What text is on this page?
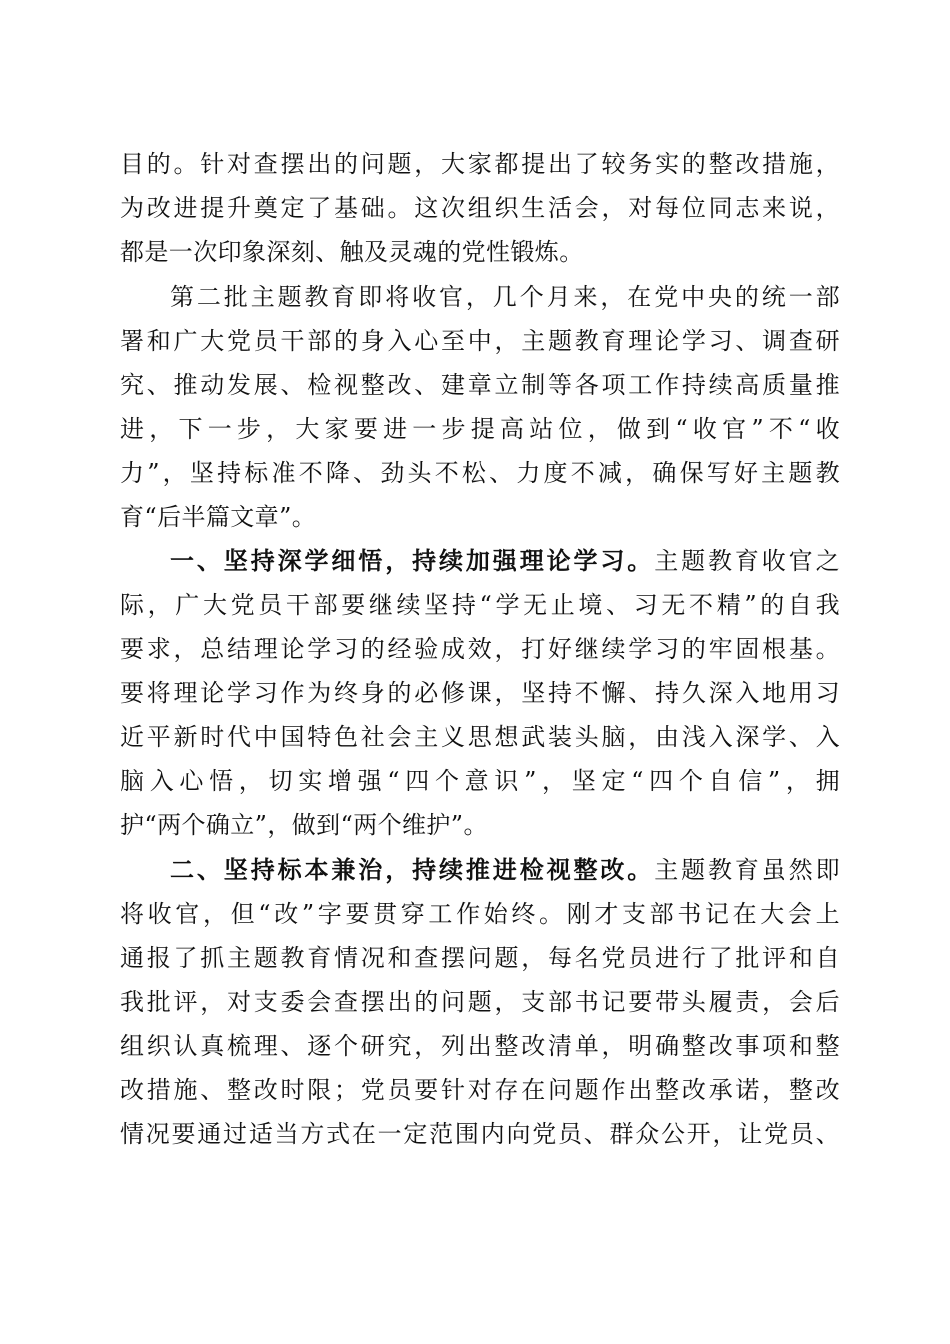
目的。针对查摆出的问题，大家都提出了较务实的整改措施，
为改进提升奠定了基础。这次组织生活会，对每位同志来说，
都是一次印象深刻、触及灵魂的党性锻炼。
第二批主题教育即将收官，几个月来，在党中央的统一部
署和广大党员干部的身入心至中，主题教育理论学习、调查研
究、推动发展、检视整改、建章立制等各项工作持续高质量推
进，下一步，大家要进一步提高站位，做到“收官”不“收
力”，坚持标准不降、劲头不松、力度不减，确保写好主题教
育“后半篇文章”。
一、坚持深学细悟，持续加强理论学习。主题教育收官之
际，广大党员干部要继续坚持“学无止境、习无不精”的自我
要求，总结理论学习的经验成效，打好继续学习的牢固根基。
要将理论学习作为终身的必修课，坚持不懈、持久深入地用习
近平新时代中国特色社会主义思想武装头脑，由浅入深学、入
脑入心悟，切实增强“四个意识”，坚定“四个自信”，拥
护“两个确立”，做到“两个维护”。
二、坚持标本兼治，持续推进检视整改。主题教育虽然即
将收官，但“改”字要贯穿工作始终。刚才支部书记在大会上
通报了抓主题教育情况和查摆问题，每名党员进行了批评和自
我批评，对支委会查摆出的问题，支部书记要带头履责，会后
组织认真梳理、逐个研究，列出整改清单，明确整改事项和整
改措施、整改时限；党员要针对存在问题作出整改承诺，整改
情况要通过适当方式在一定范围内向党员、群众公开，让党员、
